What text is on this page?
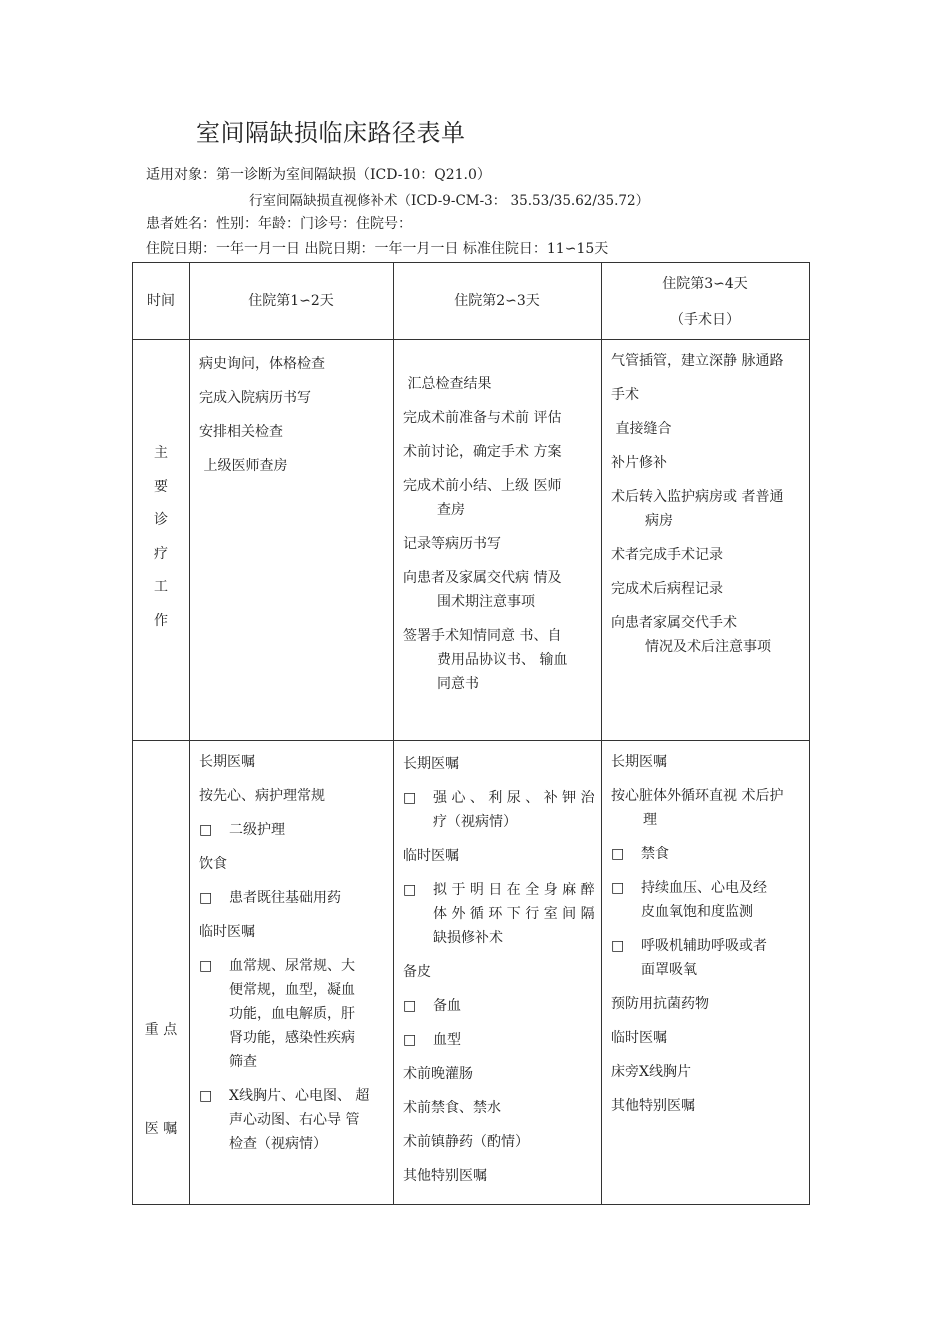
室间隔缺损临床路径表单
适用对象：第一诊断为室间隔缺损（ICD-10：Q21.0）
行室间隔缺损直视修补术（ICD-9-CM-3： 35.53/35.62/35.72）
患者姓名：性别：年龄：门诊号：住院号：
住院日期：一年一月一日 出院日期：一年一月一日 标准住院日：11∽15天
时间	住院第1∽2天	住院第2∽3天
住院第3∽4天
（手术日）
主
要
诊
疗
工
作

病史询问，体格检查

完成入院病历书写

安排相关检查

上级医师查房

汇总检查结果

完成术前准备与术前 评估

术前讨论，确定手术 方案

完成术前小结、上级 医师

查房

记录等病历书写

向患者及家属交代病 情及

围术期注意事项

签署手术知情同意 书、自

费用品协议书、 输血

同意书

气管插管，建立深静 脉通路

手术

直接缝合

补片修补

术后转入监护病房或 者普通

病房

术者完成手术记录

完成术后病程记录

向患者家属交代手术

情况及术后注意事项

重 点

医 嘱

长期医嘱

按先心、病护理常规

□ 二级护理

饮食

□ 患者既往基础用药

临时医嘱

□ 血常规、尿常规、大

便常规，血型，凝血

功能，血电解质，肝

肾功能，感染性疾病

筛查

□ X线胸片、心电图、 超

声心动图、右心导 管

检查（视病情）

长期医嘱

□ 强 心 、 利 尿 、 补 钾 治

疗（视病情）

临时医嘱

□ 拟 于 明 日 在 全 身 麻 醉

体 外 循 环 下 行 室 间 隔

缺损修补术

备皮

□ 备血

□ 血型

术前晚灌肠

术前禁食、禁水

术前镇静药（酌情）

其他特别医嘱

长期医嘱

按心脏体外循环直视 术后护

理

□ 禁食

□ 持续血压、心电及经

皮血氧饱和度监测

□ 呼吸机辅助呼吸或者

面罩吸氧

预防用抗菌药物

临时医嘱

床旁X线胸片

其他特别医嘱
